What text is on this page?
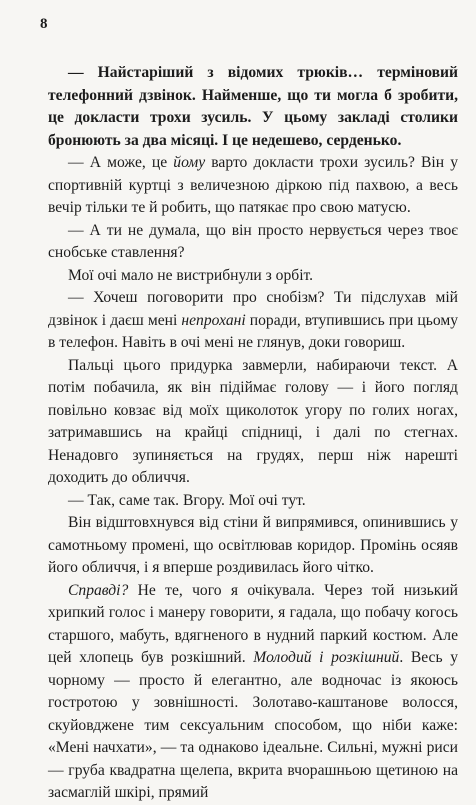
8

— Найстаріший з відомих трюків… терміновий телефонний дзвінок. Найменше, що ти могла б зробити, це докласти трохи зусиль. У цьому закладі столики бронюють за два місяці. І це недешево, серденько.

— А може, це йому варто докласти трохи зусиль? Він у спортивній куртці з величезною діркою під пахвою, а весь вечір тільки те й робить, що патякає про свою матусю.

— А ти не думала, що він просто нервується через твоє снобське ставлення?

Мої очі мало не вистрибнули з орбіт.

— Хочеш поговорити про снобізм? Ти підслухав мій дзвінок і даєш мені непрохані поради, втупившись при цьому в телефон. Навіть в очі мені не глянув, доки говориш.

Пальці цього придурка завмерли, набираючи текст. А потім побачила, як він підіймає голову — і його погляд повільно ковзає від моїх щиколоток угору по голих ногах, затримавшись на крайці спідниці, і далі по стегнах. Ненадовго зупиняється на грудях, перш ніж нарешті доходить до обличчя.

— Так, саме так. Вгору. Мої очі тут.

Він відштовхнувся від стіни й випрямився, опинившись у самотньому промені, що освітлював коридор. Промінь осяяв його обличчя, і я вперше роздивилась його чітко.

Справді? Не те, чого я очікувала. Через той низький хрипкий голос і манеру говорити, я гадала, що побачу когось старшого, мабуть, вдягненого в нудний паркий костюм. Але цей хлопець був розкішний. Молодий і розкішний. Весь у чорному — просто й елегантно, але водночас із якоюсь гостротою у зовнішності. Золотаво-каштанове волосся, скуйовджене тим сексуальним способом, що ніби каже: «Мені начхати», — та однаково ідеальне. Сильні, мужні риси — груба квадратна щелепа, вкрита вчорашньою щетиною на засмаглій шкірі, прямий
